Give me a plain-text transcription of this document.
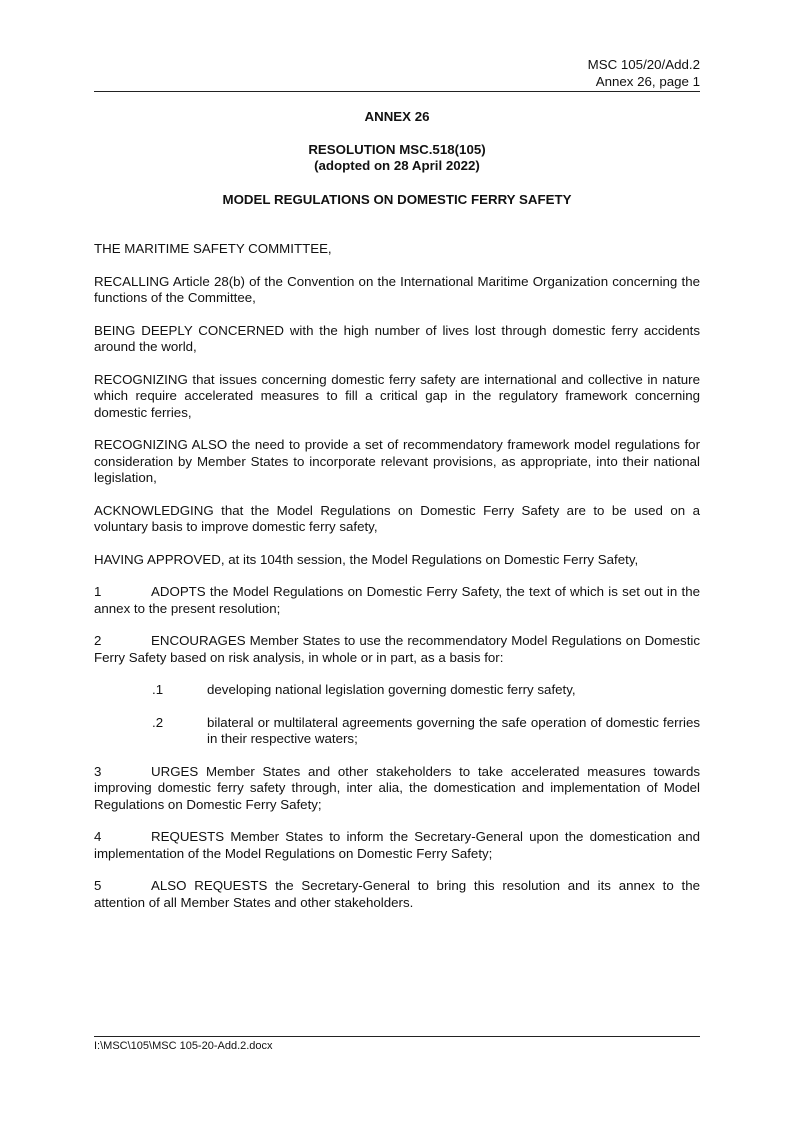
MSC 105/20/Add.2
Annex 26, page 1
ANNEX 26
RESOLUTION MSC.518(105)
(adopted on 28 April 2022)
MODEL REGULATIONS ON DOMESTIC FERRY SAFETY

THE MARITIME SAFETY COMMITTEE,

RECALLING Article 28(b) of the Convention on the International Maritime Organization concerning the functions of the Committee,

BEING DEEPLY CONCERNED with the high number of lives lost through domestic ferry accidents around the world,

RECOGNIZING that issues concerning domestic ferry safety are international and collective in nature which require accelerated measures to fill a critical gap in the regulatory framework concerning domestic ferries,

RECOGNIZING ALSO the need to provide a set of recommendatory framework model regulations for consideration by Member States to incorporate relevant provisions, as appropriate, into their national legislation,

ACKNOWLEDGING that the Model Regulations on Domestic Ferry Safety are to be used on a voluntary basis to improve domestic ferry safety,

HAVING APPROVED, at its 104th session, the Model Regulations on Domestic Ferry Safety,

1	ADOPTS the Model Regulations on Domestic Ferry Safety, the text of which is set out in the annex to the present resolution;
2	ENCOURAGES Member States to use the recommendatory Model Regulations on Domestic Ferry Safety based on risk analysis, in whole or in part, as a basis for:
.1	developing national legislation governing domestic ferry safety,
.2	bilateral or multilateral agreements governing the safe operation of domestic ferries in their respective waters;
3	URGES Member States and other stakeholders to take accelerated measures towards improving domestic ferry safety through, inter alia, the domestication and implementation of Model Regulations on Domestic Ferry Safety;
4	REQUESTS Member States to inform the Secretary-General upon the domestication and implementation of the Model Regulations on Domestic Ferry Safety;
5	ALSO REQUESTS the Secretary-General to bring this resolution and its annex to the attention of all Member States and other stakeholders.
I:\MSC\105\MSC 105-20-Add.2.docx
